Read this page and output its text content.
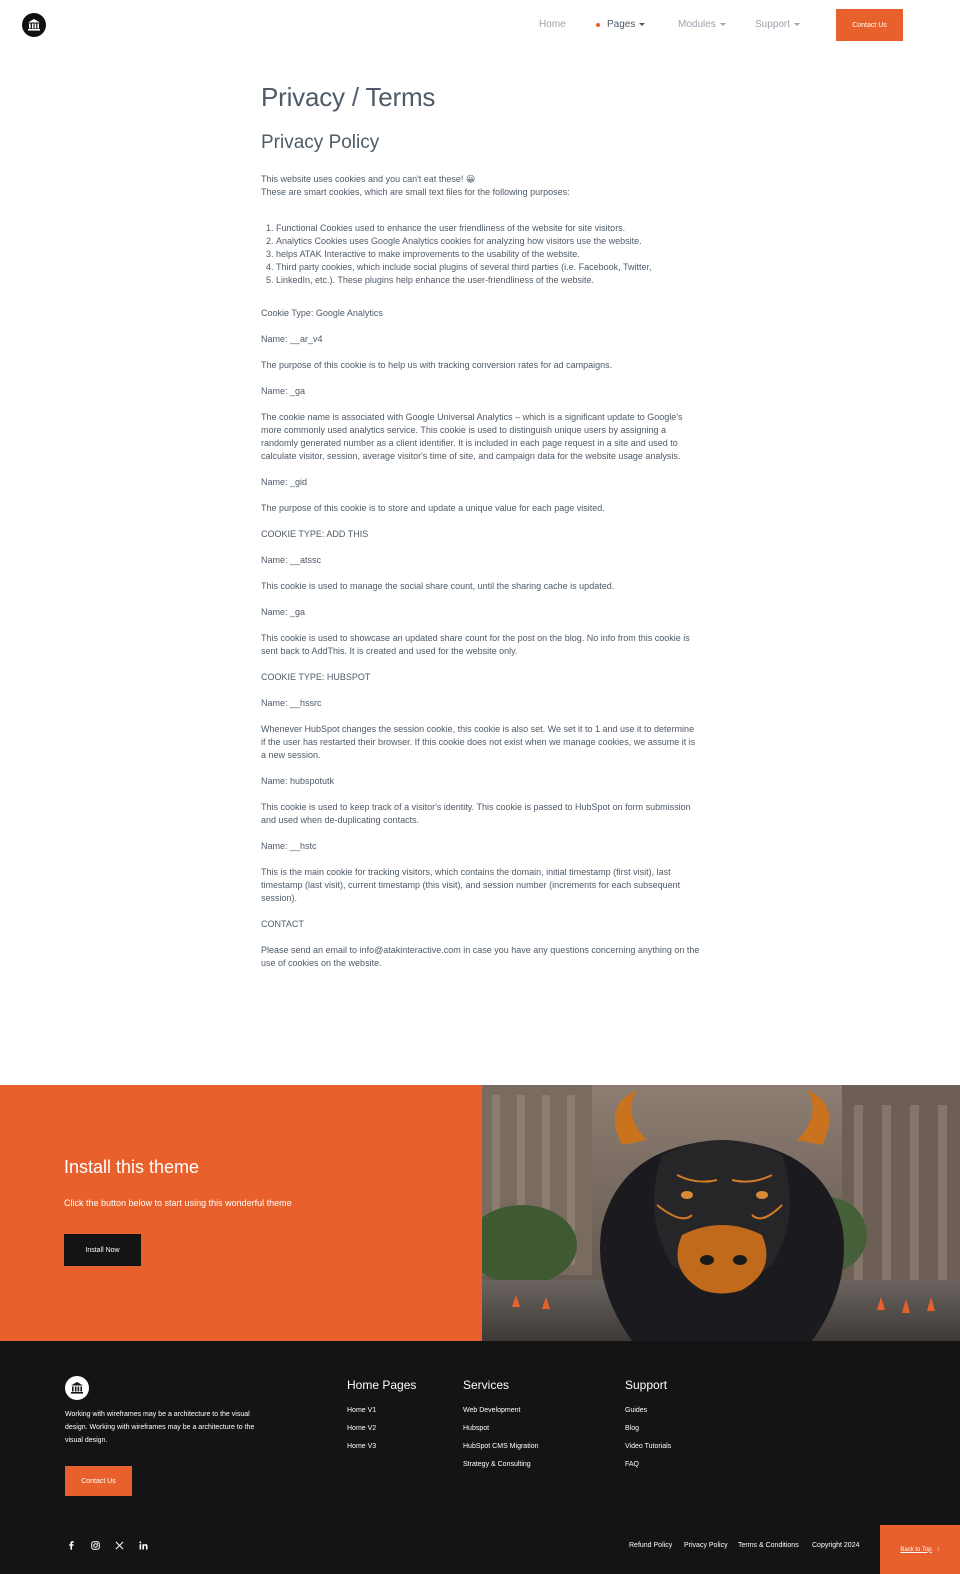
Home	Pages	Modules	Support	Contact Us
Privacy / Terms
Privacy Policy
This website uses cookies and you can't eat these! 😀
These are smart cookies, which are small text files for the following purposes:
1. Functional Cookies used to enhance the user friendliness of the website for site visitors.
2. Analytics Cookies uses Google Analytics cookies for analyzing how visitors use the website.
3. helps ATAK Interactive to make improvements to the usability of the website.
4. Third party cookies, which include social plugins of several third parties (i.e. Facebook, Twitter,
5. LinkedIn, etc.). These plugins help enhance the user-friendliness of the website.

Cookie Type: Google Analytics

Name: __ar_v4

The purpose of this cookie is to help us with tracking conversion rates for ad campaigns.

Name: _ga

The cookie name is associated with Google Universal Analytics – which is a significant update to Google's more commonly used analytics service. This cookie is used to distinguish unique users by assigning a randomly generated number as a client identifier. It is included in each page request in a site and used to calculate visitor, session, average visitor's time of site, and campaign data for the website usage analysis.

Name: _gid

The purpose of this cookie is to store and update a unique value for each page visited.

COOKIE TYPE: ADD THIS

Name: __atssc

This cookie is used to manage the social share count, until the sharing cache is updated.

Name: _ga

This cookie is used to showcase an updated share count for the post on the blog. No info from this cookie is sent back to AddThis. It is created and used for the website only.

COOKIE TYPE: HUBSPOT

Name: __hssrc

Whenever HubSpot changes the session cookie, this cookie is also set. We set it to 1 and use it to determine if the user has restarted their browser. If this cookie does not exist when we manage cookies, we assume it is a new session.

Name: hubspotutk

This cookie is used to keep track of a visitor's identity. This cookie is passed to HubSpot on form submission and used when de-duplicating contacts.

Name: __hstc

This is the main cookie for tracking visitors, which contains the domain, initial timestamp (first visit), last timestamp (last visit), current timestamp (this visit), and session number (increments for each subsequent session).

CONTACT

Please send an email to info@atakinteractive.com in case you have any questions concerning anything on the use of cookies on the website.

Install this theme

Click the button below to start using this wonderful theme

Install Now

Working with wireframes may be a architecture to the visual design. Working with wireframes may be a architecture to the visual design.

Contact Us
Home Pages
Home V1
Home V2
Home V3
Services
Web Development
Hubspot
HubSpot CMS Migration
Strategy & Consulting
Support
Guides
Blog
Video Tutorials
FAQ
Refund Policy Privacy Policy Terms & Conditions Copyright 2024
Back to Top ↑
